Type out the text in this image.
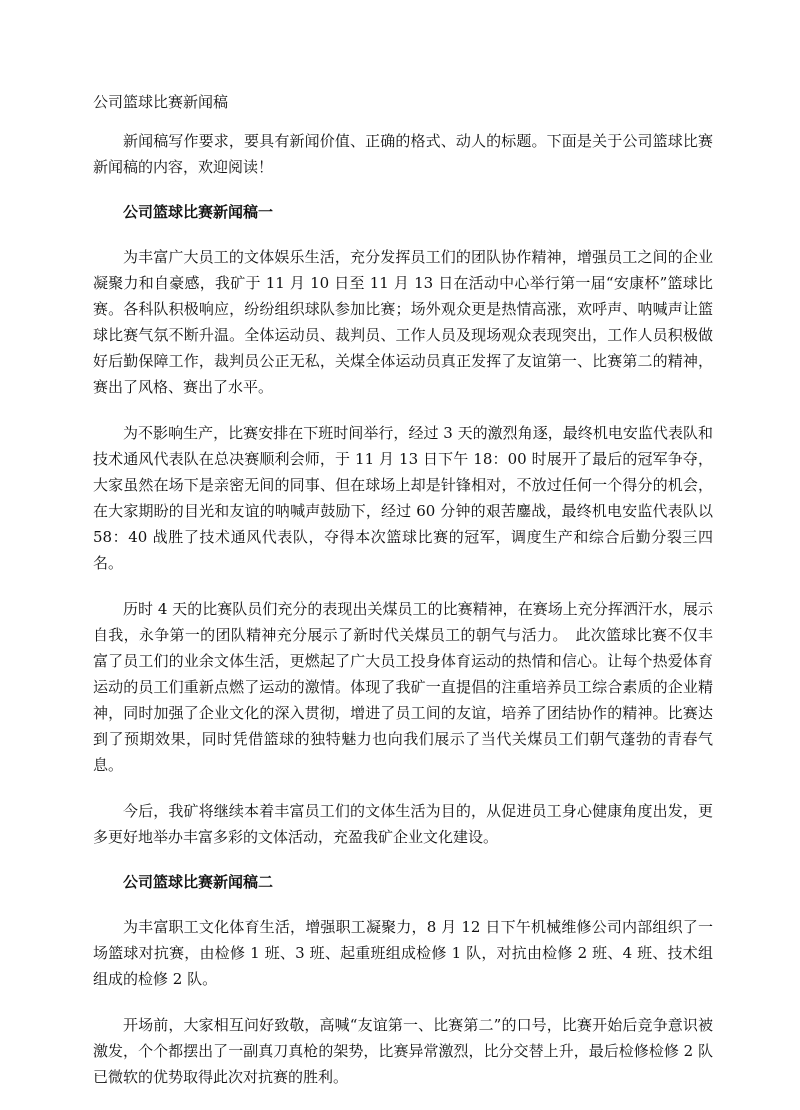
公司篮球比赛新闻稿

新闻稿写作要求，要具有新闻价值、正确的格式、动人的标题。下面是关于公司篮球比赛新闻稿的内容，欢迎阅读！

公司篮球比赛新闻稿一

为丰富广大员工的文体娱乐生活，充分发挥员工们的团队协作精神，增强员工之间的企业凝聚力和自豪感，我矿于 11 月 10 日至 11 月 13 日在活动中心举行第一届“安康杯”篮球比赛。各科队积极响应，纷纷组织球队参加比赛；场外观众更是热情高涨，欢呼声、呐喊声让篮球比赛气氛不断升温。全体运动员、裁判员、工作人员及现场观众表现突出，工作人员积极做好后勤保障工作，裁判员公正无私，关煤全体运动员真正发挥了友谊第一、比赛第二的精神，赛出了风格、赛出了水平。

为不影响生产，比赛安排在下班时间举行，经过 3 天的激烈角逐，最终机电安监代表队和技术通风代表队在总决赛顺利会师，于 11 月 13 日下午 18：00 时展开了最后的冠军争夺，大家虽然在场下是亲密无间的同事、但在球场上却是针锋相对，不放过任何一个得分的机会，在大家期盼的目光和友谊的呐喊声鼓励下，经过 60 分钟的艰苦鏖战，最终机电安监代表队以 58：40 战胜了技术通风代表队，夺得本次篮球比赛的冠军，调度生产和综合后勤分裂三四名。

历时 4 天的比赛队员们充分的表现出关煤员工的比赛精神，在赛场上充分挥洒汗水，展示自我，永争第一的团队精神充分展示了新时代关煤员工的朝气与活力。　此次篮球比赛不仅丰富了员工们的业余文体生活，更燃起了广大员工投身体育运动的热情和信心。让每个热爱体育运动的员工们重新点燃了运动的激情。体现了我矿一直提倡的注重培养员工综合素质的企业精神，同时加强了企业文化的深入贯彻，增进了员工间的友谊，培养了团结协作的精神。比赛达到了预期效果，同时凭借篮球的独特魅力也向我们展示了当代关煤员工们朝气蓬勃的青春气息。

今后，我矿将继续本着丰富员工们的文体生活为目的，从促进员工身心健康角度出发，更多更好地举办丰富多彩的文体活动，充盈我矿企业文化建设。

公司篮球比赛新闻稿二

为丰富职工文化体育生活，增强职工凝聚力，8 月 12 日下午机械维修公司内部组织了一场篮球对抗赛，由检修 1 班、3 班、起重班组成检修 1 队，对抗由检修 2 班、4 班、技术组组成的检修 2 队。

开场前，大家相互问好致敬，高喊“友谊第一、比赛第二”的口号，比赛开始后竞争意识被激发，个个都摆出了一副真刀真枪的架势，比赛异常激烈，比分交替上升，最后检修检修 2 队已微软的优势取得此次对抗赛的胜利。
